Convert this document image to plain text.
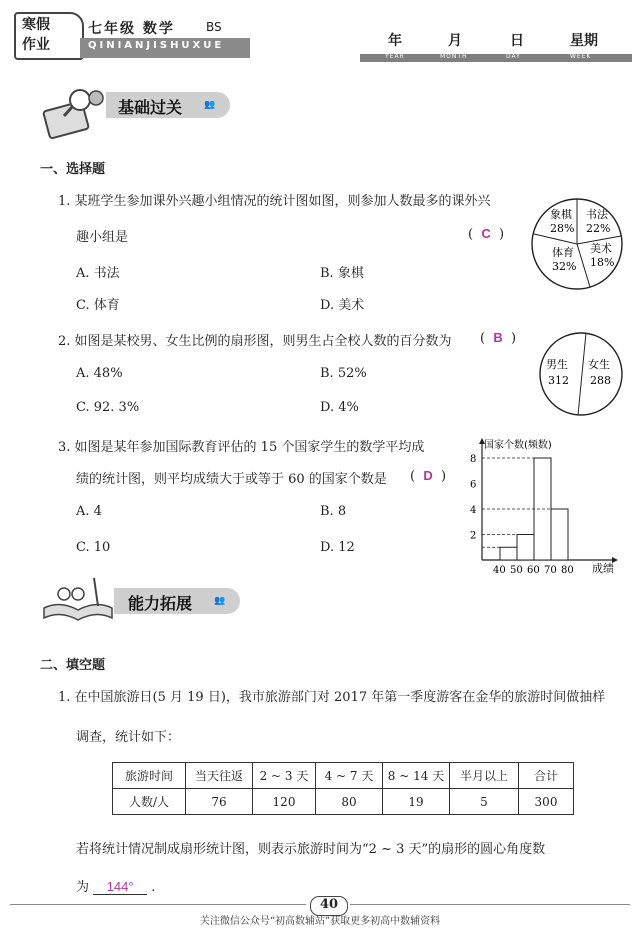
寒假
作业
七年级 数学	BS
QINIANJISHUXUE	年	月	日	星期
YEAR	MONTH	DAY	WEEK
基础过关 👥
一、选择题
1. 某班学生参加课外兴趣小组情况的统计图如图，则参加人数最多的课外兴
趣小组是	(  C  )
A. 书法	B. 象棋
C. 体育	D. 美术
象棋
28%
书法
22%
体育
32%
美术
18%
2. 如图是某校男、女生比例的扇形图，则男生占全校人数的百分数为 (  B  )
A. 48%	B. 52%
C. 92. 3%	D. 4%
男生
312
女生
288
3. 如图是某年参加国际教育评估的 15 个国家学生的数学平均成
绩的统计图，则平均成绩大于或等于 60 的国家个数是 (  D  )
A. 4	B. 8
C. 10	D. 12
国家个数(频数)
成绩
40 50 60 70 80
2
4
6
8
能力拓展 👥
二、填空题
1. 在中国旅游日(5 月 19 日)，我市旅游部门对 2017 年第一季度游客在金华的旅游时间做抽样
调查，统计如下：
旅游时间	当天往返	2 ~ 3 天	4 ~ 7 天	8 ~ 14 天	半月以上	合计
人数/人	76	120	80	19	5	300
若将统计情况制成扇形统计图，则表示旅游时间为“2 ~ 3 天”的扇形的圆心角度数
为 144° .
40
关注微信公众号“初高数辅站”获取更多初高中数辅资料
